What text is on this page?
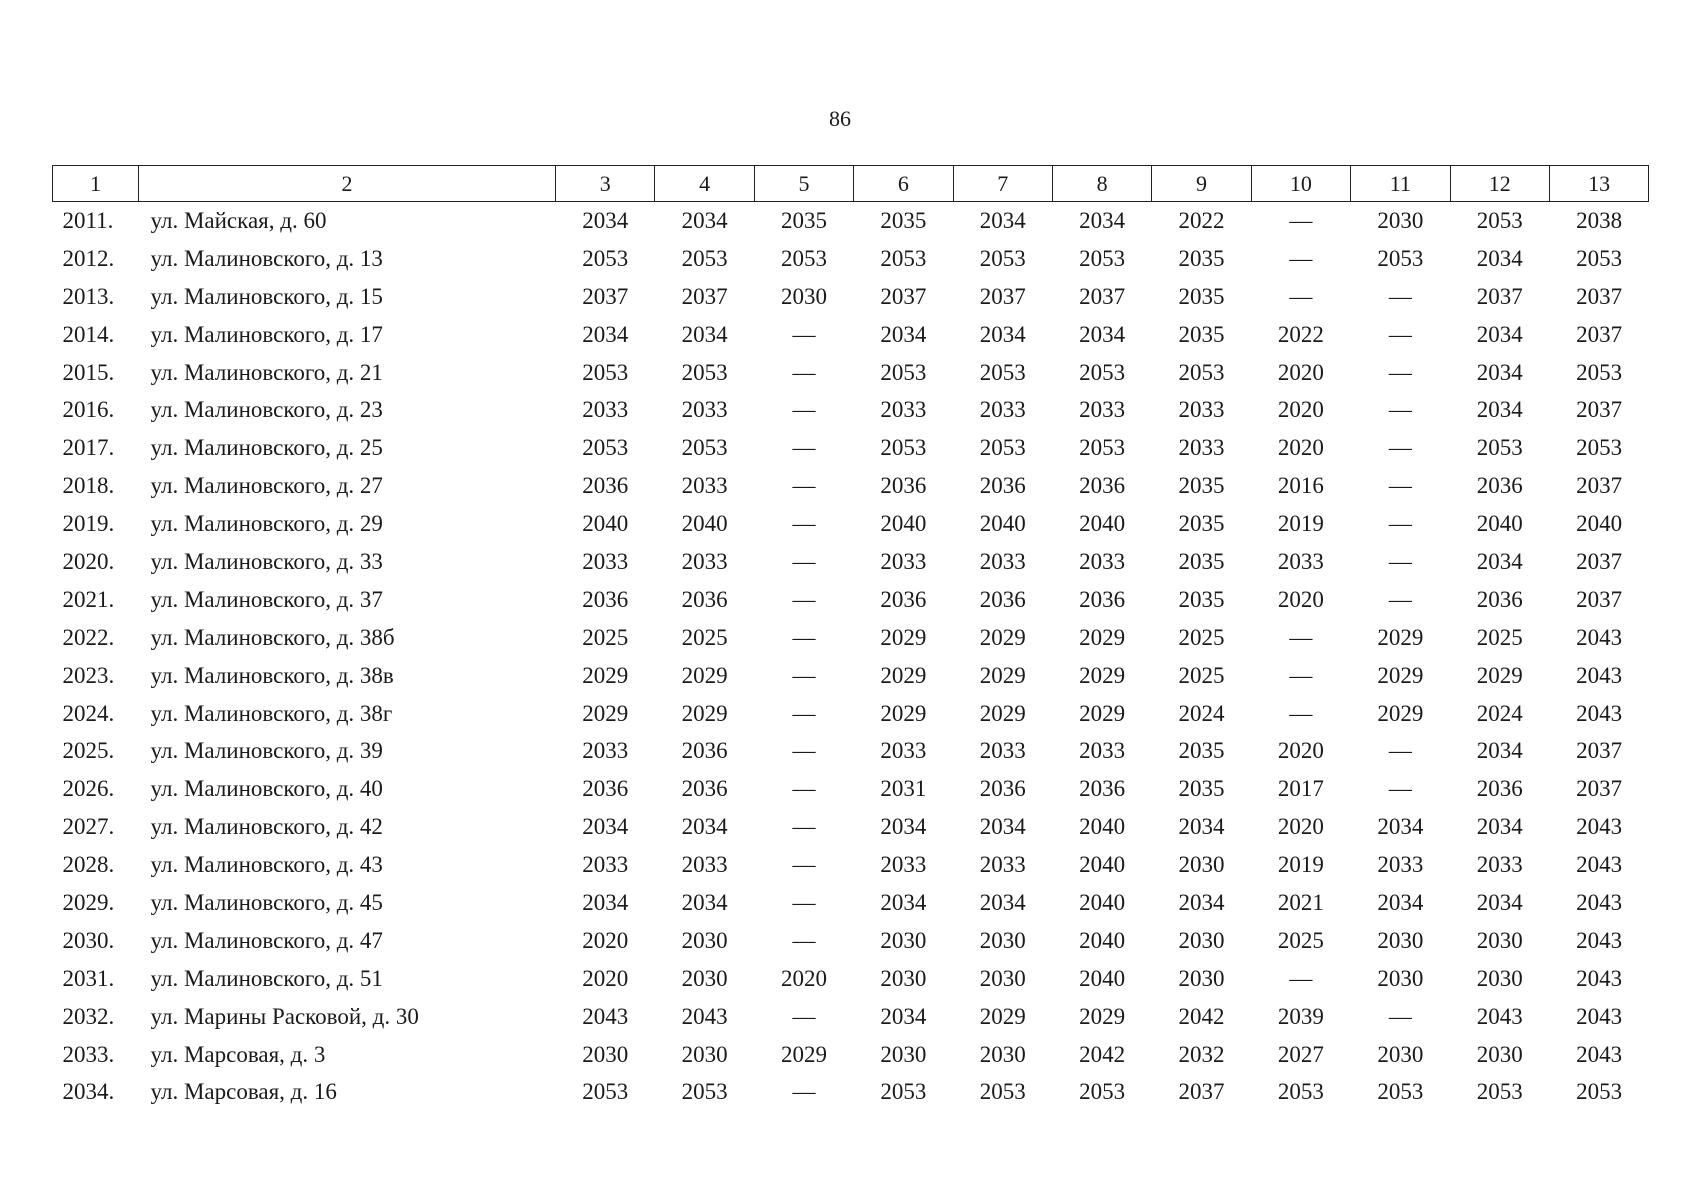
86
1	2	3	4	5	6	7	8	9	10	11	12	13
2011.	ул. Майская, д. 60	2034	2034	2035	2035	2034	2034	2022	—	2030	2053	2038
2012.	ул. Малиновского, д. 13	2053	2053	2053	2053	2053	2053	2035	—	2053	2034	2053
2013.	ул. Малиновского, д. 15	2037	2037	2030	2037	2037	2037	2035	—	—	2037	2037
2014.	ул. Малиновского, д. 17	2034	2034	—	2034	2034	2034	2035	2022	—	2034	2037
2015.	ул. Малиновского, д. 21	2053	2053	—	2053	2053	2053	2053	2020	—	2034	2053
2016.	ул. Малиновского, д. 23	2033	2033	—	2033	2033	2033	2033	2020	—	2034	2037
2017.	ул. Малиновского, д. 25	2053	2053	—	2053	2053	2053	2033	2020	—	2053	2053
2018.	ул. Малиновского, д. 27	2036	2033	—	2036	2036	2036	2035	2016	—	2036	2037
2019.	ул. Малиновского, д. 29	2040	2040	—	2040	2040	2040	2035	2019	—	2040	2040
2020.	ул. Малиновского, д. 33	2033	2033	—	2033	2033	2033	2035	2033	—	2034	2037
2021.	ул. Малиновского, д. 37	2036	2036	—	2036	2036	2036	2035	2020	—	2036	2037
2022.	ул. Малиновского, д. 38б	2025	2025	—	2029	2029	2029	2025	—	2029	2025	2043
2023.	ул. Малиновского, д. 38в	2029	2029	—	2029	2029	2029	2025	—	2029	2029	2043
2024.	ул. Малиновского, д. 38г	2029	2029	—	2029	2029	2029	2024	—	2029	2024	2043
2025.	ул. Малиновского, д. 39	2033	2036	—	2033	2033	2033	2035	2020	—	2034	2037
2026.	ул. Малиновского, д. 40	2036	2036	—	2031	2036	2036	2035	2017	—	2036	2037
2027.	ул. Малиновского, д. 42	2034	2034	—	2034	2034	2040	2034	2020	2034	2034	2043
2028.	ул. Малиновского, д. 43	2033	2033	—	2033	2033	2040	2030	2019	2033	2033	2043
2029.	ул. Малиновского, д. 45	2034	2034	—	2034	2034	2040	2034	2021	2034	2034	2043
2030.	ул. Малиновского, д. 47	2020	2030	—	2030	2030	2040	2030	2025	2030	2030	2043
2031.	ул. Малиновского, д. 51	2020	2030	2020	2030	2030	2040	2030	—	2030	2030	2043
2032.	ул. Марины Расковой, д. 30	2043	2043	—	2034	2029	2029	2042	2039	—	2043	2043
2033.	ул. Марсовая, д. 3	2030	2030	2029	2030	2030	2042	2032	2027	2030	2030	2043
2034.	ул. Марсовая, д. 16	2053	2053	—	2053	2053	2053	2037	2053	2053	2053	2053
